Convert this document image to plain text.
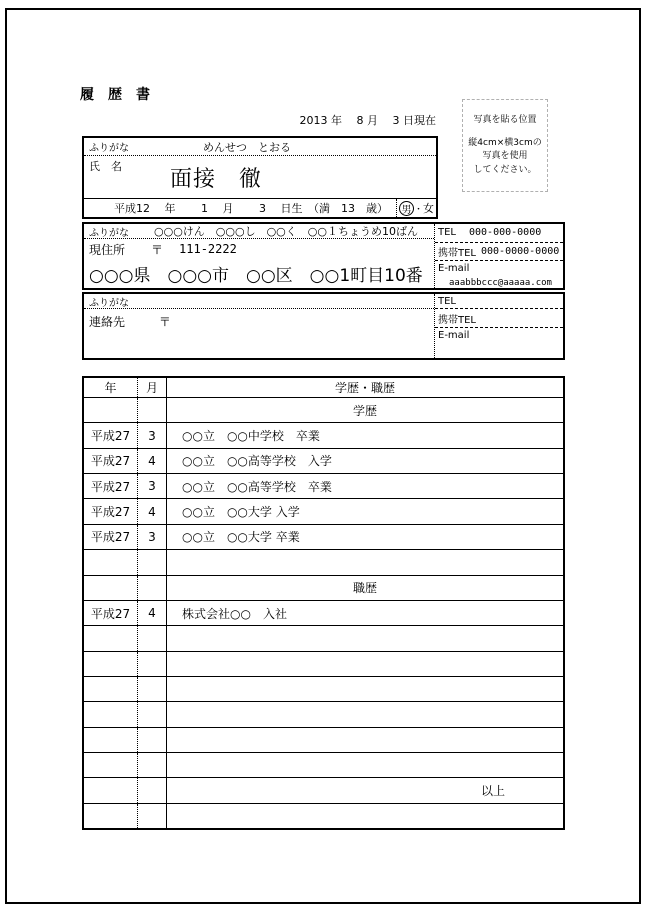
履　歴　書
2013 年　 8 月　 3 日現在	写真を貼る位置
縦4cm×横3cmの
写真を使用
してください。
ふりがな	めんせつ　とおる
氏　名
面接　徹
平成12　 年　　 1　 月　　 3　 日生　（満　13　歳）	男 ・ 女
ふりがな ○○○けん　○○○し　○○く　○○１ちょうめ10ばん
現住所 〒 111-2222
○○○県　○○○市　○○区　○○1町目10番
TEL 000-000-0000
携帯TEL 000-0000-0000
E-mail
aaabbbccc@aaaaa.com
ふりがな
連絡先	〒
TEL
携帯TEL
E-mail
年	月	学歴・職歴
学歴
平成27	3	○○立　○○中学校　卒業
平成27	4	○○立　○○高等学校　入学
平成27	3	○○立　○○高等学校　卒業
平成27	4	○○立　○○大学 入学
平成27	3	○○立　○○大学 卒業
職歴
平成27	4	株式会社○○　入社
以上
